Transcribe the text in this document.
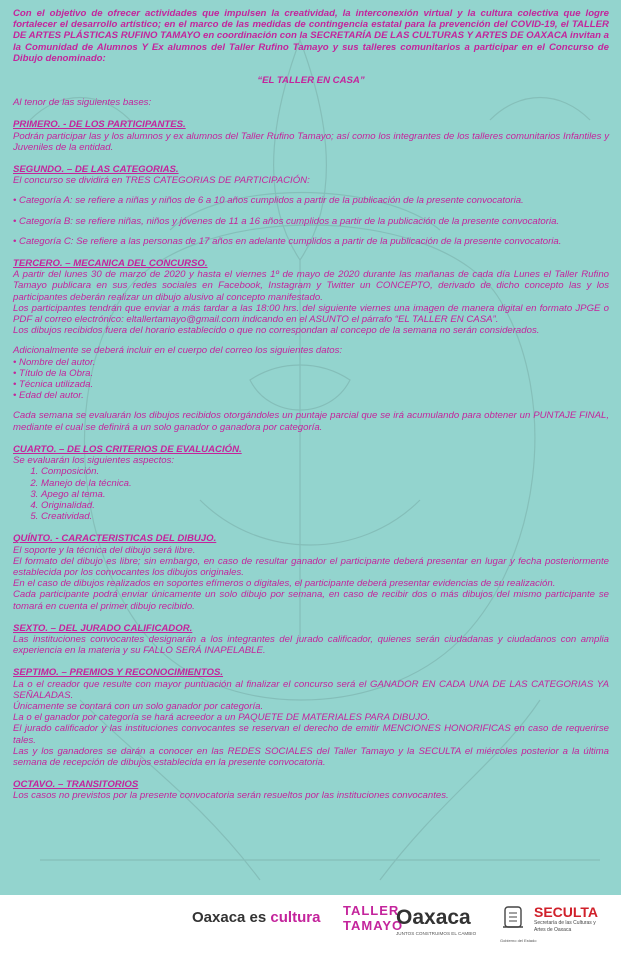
Con el objetivo de ofrecer actividades que impulsen la creatividad, la interconexión virtual y la cultura colectiva que logre fortalecer el desarrollo artístico; en el marco de las medidas de contingencia estatal para la prevención del COVID-19, el TALLER DE ARTES PLÁSTICAS RUFINO TAMAYO en coordinación con la SECRETARÍA DE LAS CULTURAS Y ARTES DE OAXACA invitan a la Comunidad de Alumnos Y Ex alumnos del Taller Rufino Tamayo y sus talleres comunitarios a participar en el Concurso de Dibujo denominado:

“EL TALLER EN CASA”

Al tenor de las siguientes bases:

PRIMERO. - DE LOS PARTICIPANTES.

Podrán participar las y los alumnos y ex alumnos del Taller Rufino Tamayo; así como los integrantes de los talleres comunitarios Infantiles y Juveniles de la entidad.

SEGUNDO. – DE LAS CATEGORIAS.

El concurso se dividirá en TRES CATEGORIAS DE PARTICIPACIÓN:

• Categoría A: se refiere a niñas y niños de 6 a 10 años cumplidos a partir de la publicación de la presente convocatoria.

• Categoría B: se refiere niñas, niños y jóvenes de 11 a 16 años cumplidos a partir de la publicación de la presente convocatoria.

• Categoría C: Se refiere a las personas de 17 años en adelante cumplidos a partir de la publicación de la presente convocatoria.

TERCERO. – MECANICA DEL CONCURSO.

A partir del lunes 30 de marzo de 2020 y hasta el viernes 1º de mayo de 2020 durante las mañanas de cada día Lunes el Taller Rufino Tamayo publicara en sus redes sociales en Facebook, Instagram y Twitter un CONCEPTO, derivado de dicho concepto las y los participantes deberán realizar un dibujo alusivo al concepto manifestado.

Los participantes tendrán que enviar a más tardar a las 18:00 hrs. del siguiente viernes una imagen de manera digital en formato JPGE o PDF al correo electrónico: eltallertamayo@gmail.com indicando en el ASUNTO el párrafo “EL TALLER EN CASA”.

Los dibujos recibidos fuera del horario establecido o que no correspondan al concepo de la semana no serán considerados.

Adicionalmente se deberá incluir en el cuerpo del correo los siguientes datos:

• Nombre del autor.

• Título de la Obra.

• Técnica utilizada.

• Edad del autor.

Cada semana se evaluarán los dibujos recibidos otorgándoles un puntaje parcial que se irá acumulando para obtener un PUNTAJE FINAL, mediante el cual se definirá a un solo ganador o ganadora por categoría.

CUARTO. – DE LOS CRITERIOS DE EVALUACIÓN.

Se evaluarán los siguientes aspectos:

1. Composición.
2. Manejo de la técnica.
3. Apego al tema.
4. Originalidad.
5. Creatividad.

QUÍNTO. - CARACTERISTICAS DEL DIBUJO.

El soporte y la técnica del dibujo será libre.

El formato del dibujo es libre; sin embargo, en caso de resultar ganador el participante deberá presentar en lugar y fecha posteriormente establecida por los convocantes los dibujos originales.

En el caso de dibujos realizados en soportes efímeros o digitales, el participante deberá presentar evidencias de su realización.

Cada participante podrá enviar únicamente un solo dibujo por semana, en caso de recibir dos o más dibujos del mismo participante se tomará en cuenta el primer dibujo recibido.

SEXTO. – DEL JURADO CALIFICADOR.

Las instituciones convocantes designarán a los integrantes del jurado calificador, quienes serán ciudadanas y ciudadanos con amplia experiencia en la materia y su FALLO SERÁ INAPELABLE.

SEPTIMO. – PREMIOS Y RECONOCIMIENTOS.

La o el creador que resulte con mayor puntuación al finalizar el concurso será el GANADOR EN CADA UNA DE LAS CATEGORIAS YA SEÑALADAS.

Únicamente se contará con un solo ganador por categoría.

La o el ganador por categoría se hará acreedor a un PAQUETE DE MATERIALES PARA DIBUJO.

El jurado calificador y las instituciones convocantes se reservan el derecho de emitir MENCIONES HONORIFICAS en caso de requerirse tales.

Las y los ganadores se darán a conocer en las REDES SOCIALES del Taller Tamayo y la SECULTA el miércoles posterior a la última semana de recepción de dibujos establecida en la presente convocatoria.

OCTAVO. – TRANSITORIOS

Los casos no previstos por la presente convocatoria serán resueltos por las instituciones convocantes.

Oaxaca es cultura TALLER TAMAYO
Oaxaca
JUNTOS CONSTRUIMOS EL CAMBIO
Gobierno del Estado
SECULTA
Secretaría de las Culturas y
Artes de Oaxaca
